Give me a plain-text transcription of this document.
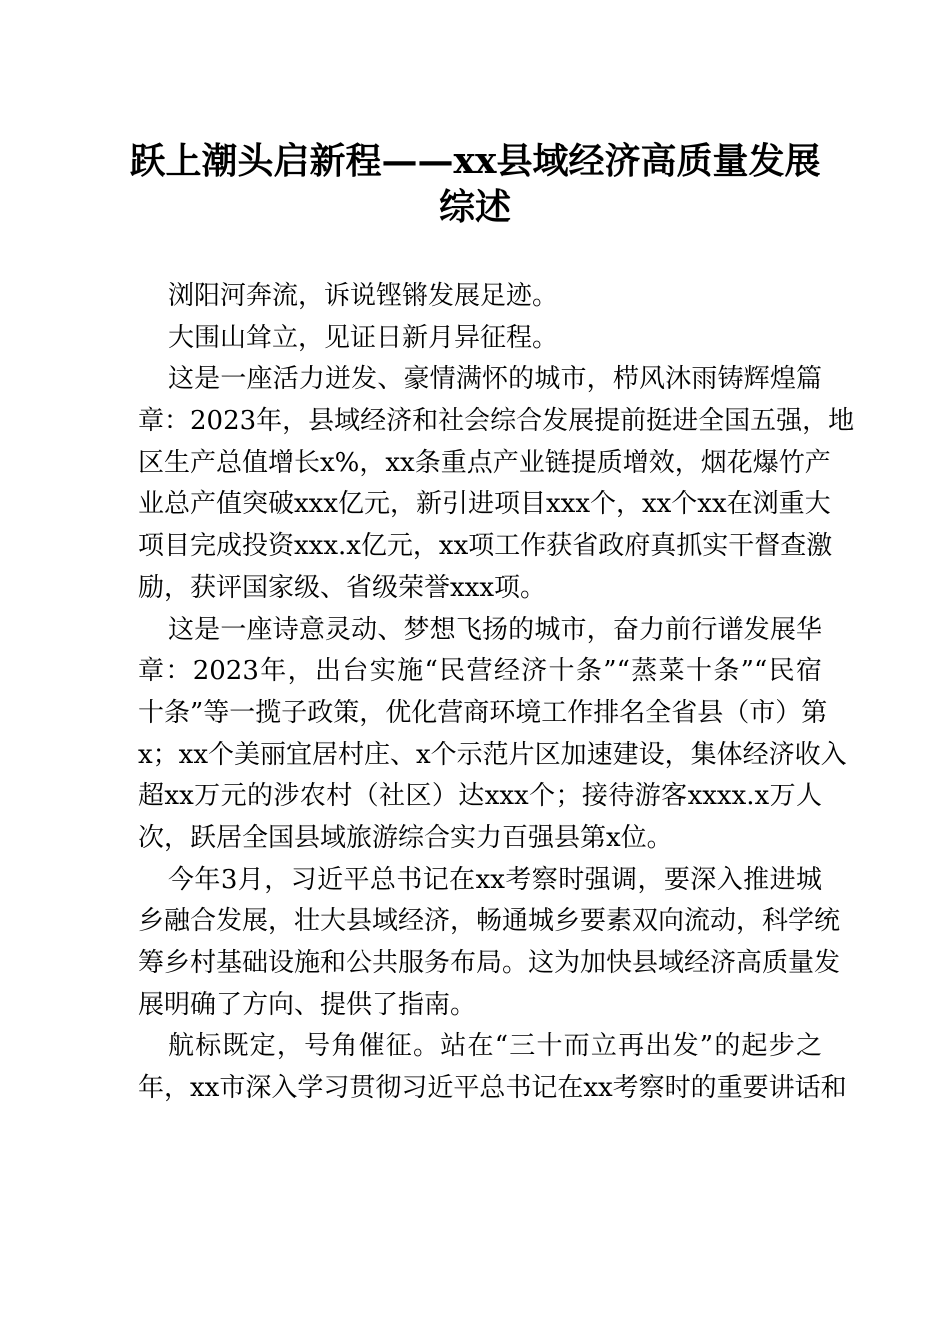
跃上潮头启新程——xx县域经济高质量发展
综述
浏阳河奔流，诉说铿锵发展足迹。
大围山耸立，见证日新月异征程。
这是一座活力迸发、豪情满怀的城市，栉风沐雨铸辉煌篇
章：2023年，县域经济和社会综合发展提前挺进全国五强，地
区生产总值增长x%，xx条重点产业链提质增效，烟花爆竹产
业总产值突破xxx亿元，新引进项目xxx个，xx个xx在浏重大
项目完成投资xxx.x亿元，xx项工作获省政府真抓实干督查激
励，获评国家级、省级荣誉xxx项。
这是一座诗意灵动、梦想飞扬的城市，奋力前行谱发展华
章：2023年，出台实施“民营经济十条”“蒸菜十条”“民宿
十条”等一揽子政策，优化营商环境工作排名全省县（市）第
x；xx个美丽宜居村庄、x个示范片区加速建设，集体经济收入
超xx万元的涉农村（社区）达xxx个；接待游客xxxx.x万人
次，跃居全国县域旅游综合实力百强县第x位。
今年3月，习近平总书记在xx考察时强调，要深入推进城
乡融合发展，壮大县域经济，畅通城乡要素双向流动，科学统
筹乡村基础设施和公共服务布局。这为加快县域经济高质量发
展明确了方向、提供了指南。
航标既定，号角催征。站在“三十而立再出发”的起步之
年，xx市深入学习贯彻习近平总书记在xx考察时的重要讲话和
